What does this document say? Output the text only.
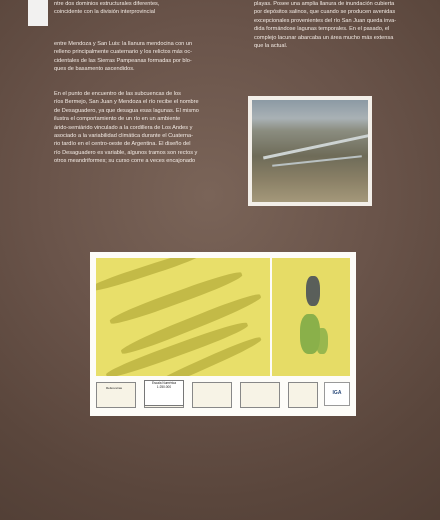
ntre dos dominios estructurales diferentes,

coincidente con la división interprovincial

entre Mendoza y San Luis: la llanura mendocina con un

relleno principalmente cuaternario y los relictos más oc-

cidentales de las Sierras Pampeanas formadas por blo-

ques de basamento ascendidos.

playas. Posee una amplia llanura de inundación cubierta

por depósitos salinos, que cuando se producen avenidas

excepcionales provenientes del río San Juan queda inva-

dida formándose lagunas temporales. En el pasado, el

complejo lacunar abarcaba un área mucho más extensa

que la actual.

En el punto de encuentro de las subcuencas de los

ríos Bermejo, San Juan y Mendoza el río recibe el nombre

de Desaguadero, ya que desagua esas lagunas. El mismo

ilustra el comportamiento de un río en un ambiente

árido-semiárido vinculado a la cordillera de Los Andes y

asociado a la variabilidad climática durante el Cuaterna-

rio tardío en el centro-oeste de Argentina. El diseño del

río Desaguadero es variable, algunos tramos son rectos y

otros meandriformes; su curso corre a veces encajonado

Escala Numérica
1:250.000
IGA
Referencias
